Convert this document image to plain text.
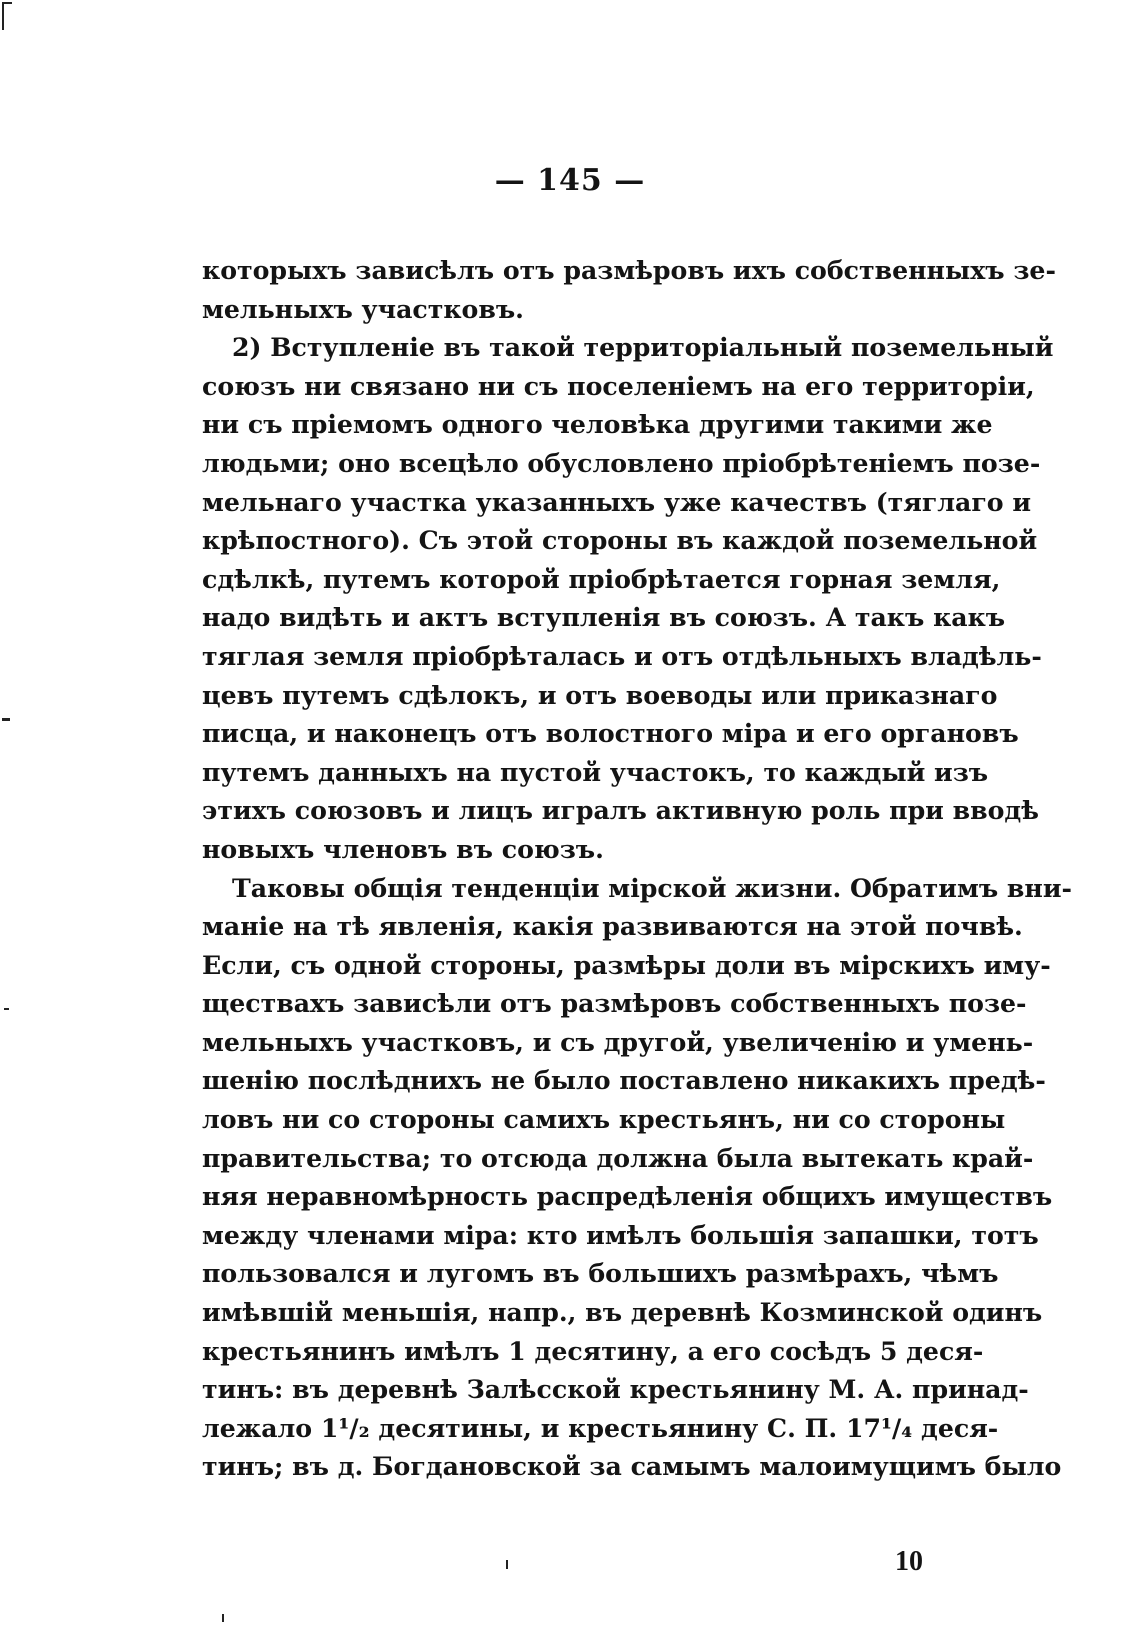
— 145 —
которыхъ зависѣлъ отъ размѣровъ ихъ собственныхъ зе-
мельныхъ участковъ.
2) Вступленіе въ такой территоріальный поземельный
союзъ ни связано ни съ поселеніемъ на его территоріи,
ни съ пріемомъ одного человѣка другими такими же
людьми; оно всецѣло обусловлено пріобрѣтеніемъ позе-
мельнаго участка указанныхъ уже качествъ (тяглаго и
крѣпостного). Съ этой стороны въ каждой поземельной
сдѣлкѣ, путемъ которой пріобрѣтается горная земля,
надо видѣть и актъ вступленія въ союзъ. А такъ какъ
тяглая земля пріобрѣталась и отъ отдѣльныхъ владѣль-
цевъ путемъ сдѣлокъ, и отъ воеводы или приказнаго
писца, и наконецъ отъ волостного міра и его органовъ
путемъ данныхъ на пустой участокъ, то каждый изъ
этихъ союзовъ и лицъ игралъ активную роль при вводѣ
новыхъ членовъ въ союзъ.
Таковы общія тенденціи мірской жизни. Обратимъ вни-
маніе на тѣ явленія, какія развиваются на этой почвѣ.
Если, съ одной стороны, размѣры доли въ мірскихъ иму-
ществахъ зависѣли отъ размѣровъ собственныхъ позе-
мельныхъ участковъ, и съ другой, увеличенію и умень-
шенію послѣднихъ не было поставлено никакихъ предѣ-
ловъ ни со стороны самихъ крестьянъ, ни со стороны
правительства; то отсюда должна была вытекать край-
няя неравномѣрность распредѣленія общихъ имуществъ
между членами міра: кто имѣлъ большія запашки, тотъ
пользовался и лугомъ въ большихъ размѣрахъ, чѣмъ
имѣвшій меньшія, напр., въ деревнѣ Козминской одинъ
крестьянинъ имѣлъ 1 десятину, а его сосѣдъ 5 деся-
тинъ: въ деревнѣ Залѣсской крестьянину М. А. принад-
лежало 1¹/₂ десятины, и крестьянину С. П. 17¹/₄ деся-
тинъ; въ д. Богдановской за самымъ малоимущимъ было
10
